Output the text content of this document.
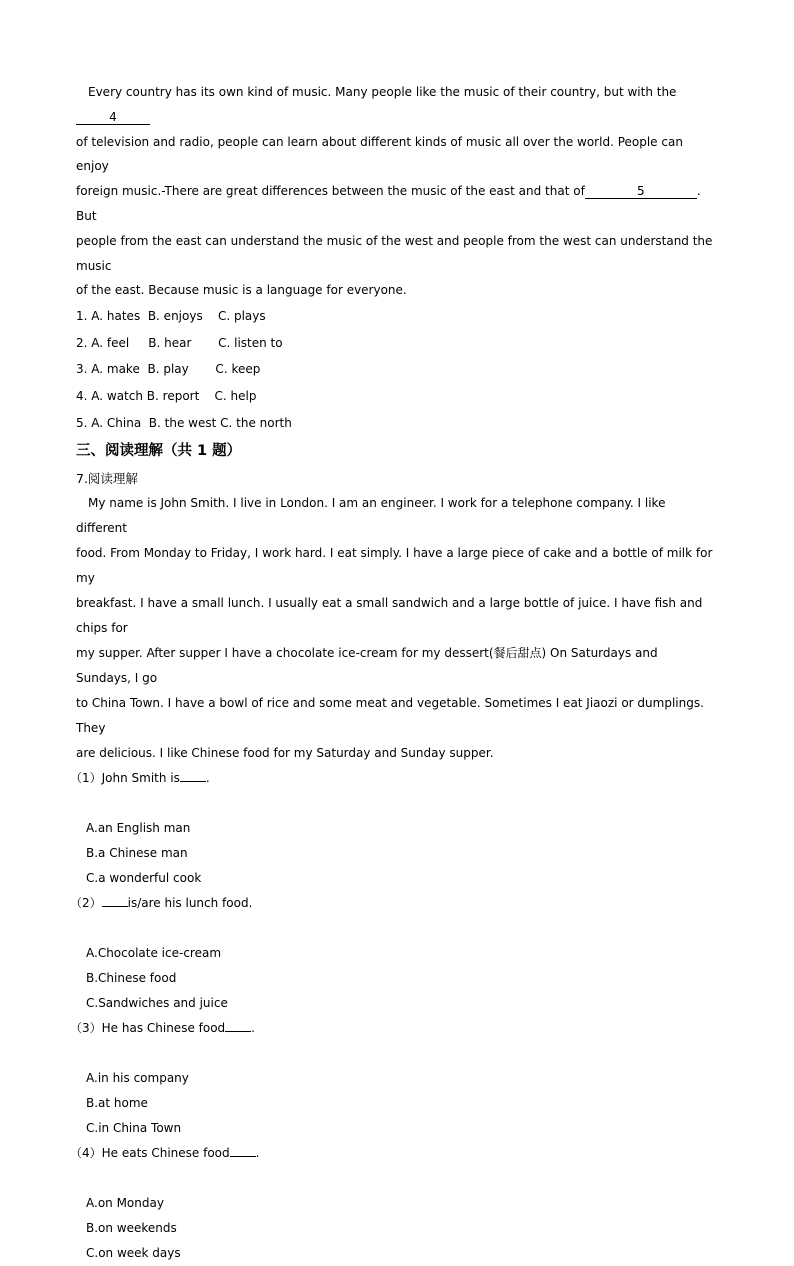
Every country has its own kind of music. Many people like the music of their country, but with the4
of television and radio, people can learn about different kinds of music all over the world. People can enjoy
foreign music.-There are great differences between the music of the east and that of	5	. But
people from the east can understand the music of the west and people from the west can understand the music
of the east. Because music is a language for everyone.
1. A. hates  B. enjoys    C. plays
2. A. feel     B. hear       C. listen to
3. A. make  B. play       C. keep
4. A. watch B. report    C. help
5. A. China  B. the west C. the north
三、阅读理解（共 1 题）
7.阅读理解
My name is John Smith. I live in London. I am an engineer. I work for a telephone company. I like different
food. From Monday to Friday, I work hard. I eat simply. I have a large piece of cake and a bottle of milk for my
breakfast. I have a small lunch. I usually eat a small sandwich and a large bottle of juice. I have fish and chips for
my supper. After supper I have a chocolate ice-cream for my dessert(餐后甜点) On Saturdays and Sundays, I go
to China Town. I have a bowl of rice and some meat and vegetable. Sometimes I eat Jiaozi or dumplings. They
are delicious. I like Chinese food for my Saturday and Sunday supper.
（1）John Smith is .
A.an English man
B.a Chinese man
C.a wonderful cook
（2） is/are his lunch food.
A.Chocolate ice-cream
B.Chinese food
C.Sandwiches and juice
（3）He has Chinese food .
A.in his company
B.at home
C.in China Town
（4）He eats Chinese food .
A.on Monday
B.on weekends
C.on week days
